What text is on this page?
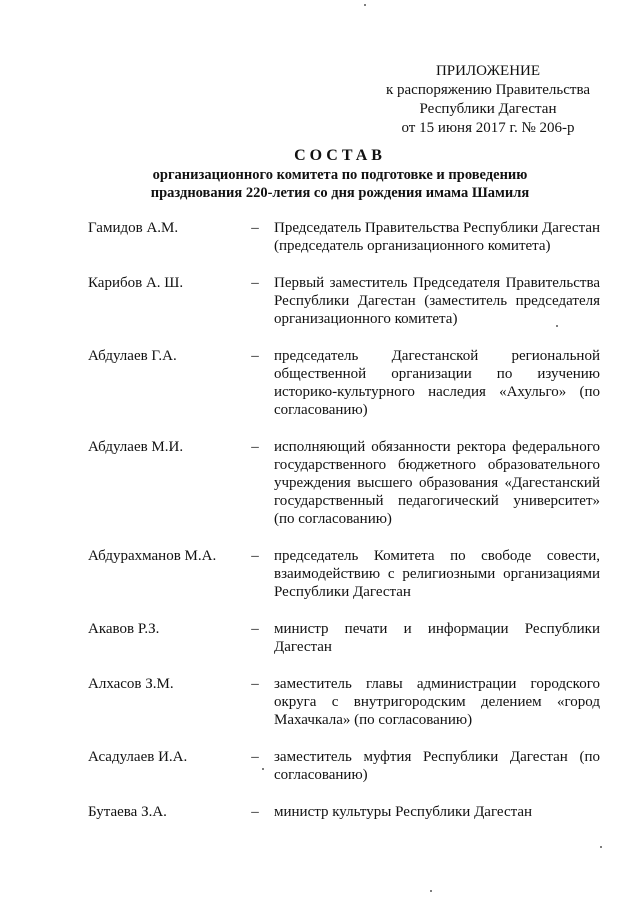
ПРИЛОЖЕНИЕ
к распоряжению Правительства
Республики Дагестан
от 15 июня 2017 г. № 206-р
СОСТАВ
организационного комитета по подготовке и проведению
празднования 220-летия со дня рождения имама Шамиля
Гамидов А.М.	–	Председатель Правительства Республики Дагестан (председатель организационного комитета)
Карибов А. Ш.	–	Первый заместитель Председателя Правительства Республики Дагестан (заместитель председателя организационного комитета)
Абдулаев Г.А.	–	председатель Дагестанской региональной общественной организации по изучению историко-культурного наследия «Ахульго» (по согласованию)
Абдулаев М.И.	–	исполняющий обязанности ректора федерального государственного бюджетного образовательного учреждения высшего образования «Дагестанский государственный педагогический университет» (по согласованию)
Абдурахманов М.А.	–	председатель Комитета по свободе совести, взаимодействию с религиозными организациями Республики Дагестан
Акавов Р.З.	–	министр печати и информации Республики Дагестан
Алхасов З.М.	–	заместитель главы администрации городского округа с внутригородским делением «город Махачкала» (по согласованию)
Асадулаев И.А.	–	заместитель муфтия Республики Дагестан (по согласованию)
Бутаева З.А.	–	министр культуры Республики Дагестан
